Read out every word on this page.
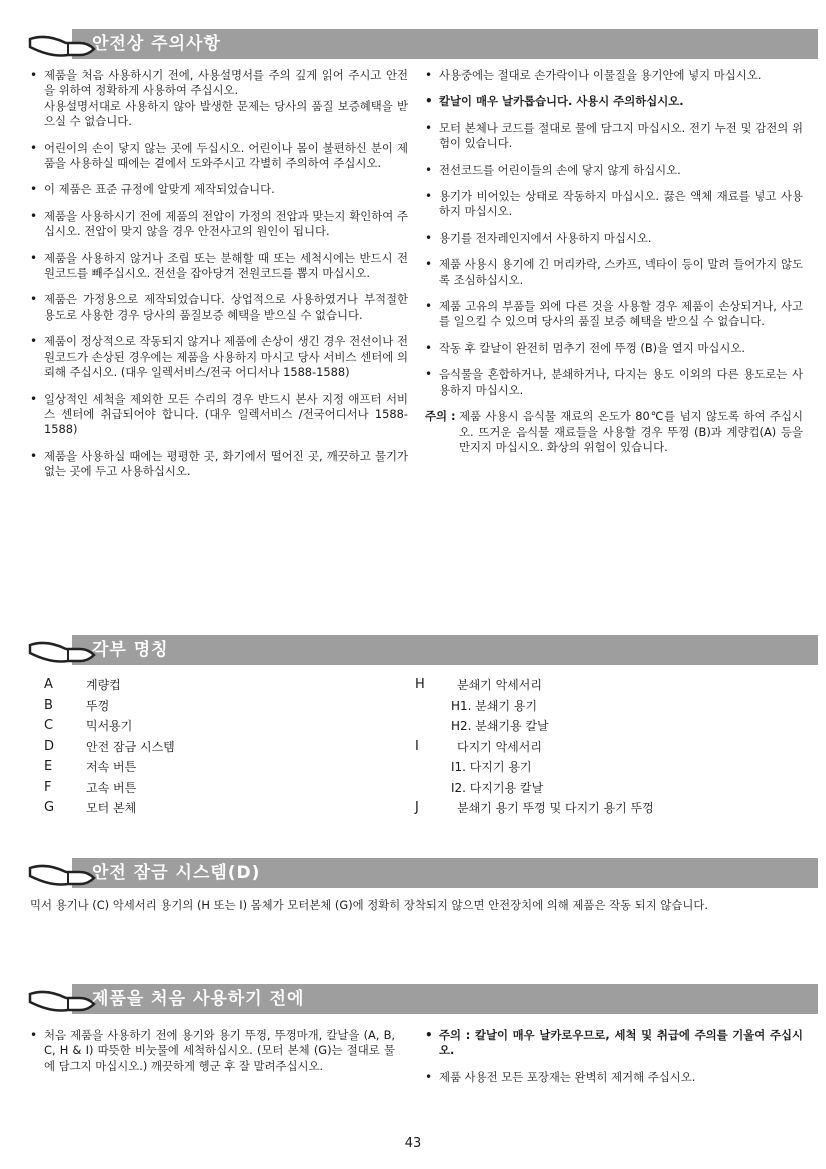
안전상 주의사항
• 제품을 처음 사용하시기 전에, 사용설명서를 주의 깊게 읽어 주시고 안전을 위하여 정확하게 사용하여 주십시오.
사용설명서대로 사용하지 않아 발생한 문제는 당사의 품질 보증혜택을 받으실 수 없습니다.
• 어린이의 손이 닿지 않는 곳에 두십시오. 어린이나 몸이 불편하신 분이 제품을 사용하실 때에는 곁에서 도와주시고 각별히 주의하여 주십시오.
• 이 제품은 표준 규정에 알맞게 제작되었습니다.
• 제품을 사용하시기 전에 제품의 전압이 가정의 전압과 맞는지 확인하여 주십시오. 전압이 맞지 않을 경우 안전사고의 원인이 됩니다.
• 제품을 사용하지 않거나 조립 또는 분해할 때 또는 세척시에는 반드시 전원코드를 빼주십시오. 전선을 잡아당겨 전원코드를 뽑지 마십시오.
• 제품은 가정용으로 제작되었습니다. 상업적으로 사용하였거나 부적절한 용도로 사용한 경우 당사의 품질보증 혜택을 받으실 수 없습니다.
• 제품이 정상적으로 작동되지 않거나 제품에 손상이 생긴 경우 전선이나 전원코드가 손상된 경우에는 제품을 사용하지 마시고 당사 서비스 센터에 의뢰해 주십시오. (대우 일렉서비스/전국 어디서나 1588-1588)
• 일상적인 세척을 제외한 모든 수리의 경우 반드시 본사 지정 애프터 서비스 센터에 취급되어야 합니다. (대우 일렉서비스 /전국어디서나 1588-1588)
• 제품을 사용하실 때에는 평평한 곳, 화기에서 떨어진 곳, 깨끗하고 물기가 없는 곳에 두고 사용하십시오.
• 사용중에는 절대로 손가락이나 이물질을 용기안에 넣지 마십시오.
• 칼날이 매우 날카롭습니다. 사용시 주의하십시오.
• 모터 본체나 코드를 절대로 물에 담그지 마십시오. 전기 누전 및 감전의 위험이 있습니다.
• 전선코드를 어린이들의 손에 닿지 않게 하십시오.
• 용기가 비어있는 상태로 작동하지 마십시오. 끓은 액체 재료를 넣고 사용하지 마십시오.
• 용기를 전자레인지에서 사용하지 마십시오.
• 제품 사용시 용기에 긴 머리카락, 스카프, 넥타이 등이 말려 들어가지 않도록 조심하십시오.
• 제품 고유의 부품들 외에 다른 것을 사용할 경우 제품이 손상되거나, 사고를 일으킬 수 있으며 당사의 품질 보증 혜택을 받으실 수 없습니다.
• 작동 후 칼날이 완전히 멈추기 전에 뚜껑 (B)을 열지 마십시오.
• 음식물을 혼합하거나, 분쇄하거나, 다지는 용도 이외의 다른 용도로는 사용하지 마십시오.
주의 : 제품 사용시 음식물 재료의 온도가 80℃를 넘지 않도록 하여 주십시오. 뜨거운 음식물 재료들을 사용할 경우 뚜껑 (B)과 계량컵(A) 등을 만지지 마십시오. 화상의 위험이 있습니다.
각부 명칭
A	계량컵
B	뚜껑
C	믹서용기
D	안전 잠금 시스템
E	저속 버튼
F	고속 버튼
G	모터 본체
H	분쇄기 악세서리
H1. 분쇄기 용기
H2. 분쇄기용 칼날
I	다지기 악세서리
I1. 다지기 용기
I2. 다지기용 칼날
J	분쇄기 용기 뚜껑 및 다지기 용기 뚜껑
안전 잠금 시스템(D)
믹서 용기나 (C) 악세서리 용기의 (H 또는 I) 몸체가 모터본체 (G)에 정확히 장착되지 않으면 안전장치에 의해 제품은 작동 되지 않습니다.
제품을 처음 사용하기 전에
• 처음 제품을 사용하기 전에 용기와 용기 뚜껑, 뚜껑마개, 칼날을 (A, B, C, H & I) 따뜻한 비눗물에 세척하십시오. (모터 본체 (G)는 절대로 물에 담그지 마십시오.) 깨끗하게 헹군 후 잘 말려주십시오.
• 주의 : 칼날이 매우 날카로우므로, 세척 및 취급에 주의를 기울여 주십시오.
• 제품 사용전 모든 포장재는 완벽히 제거해 주십시오.
43
